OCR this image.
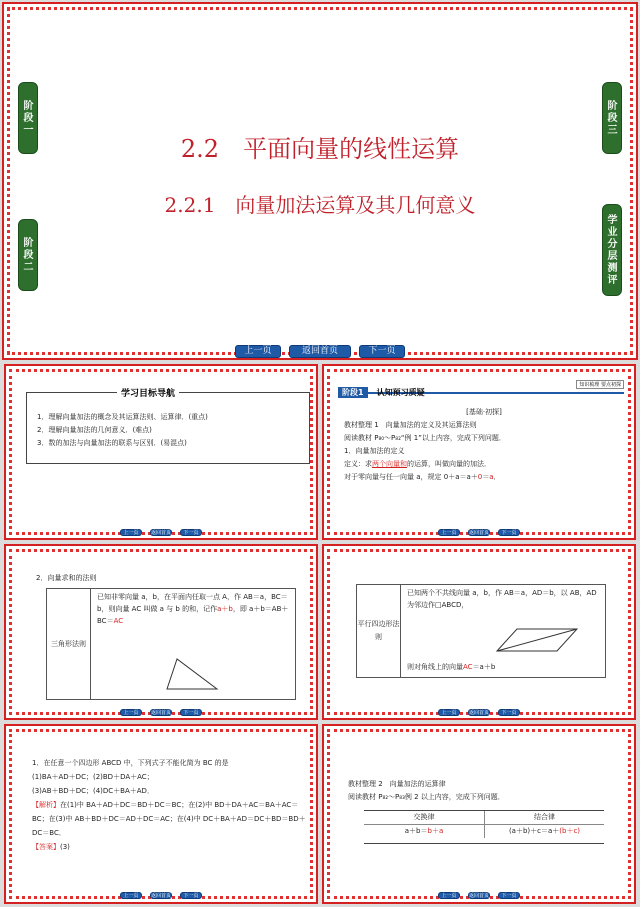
阶段一
阶段二
阶段三
学业分层测评
2.2　平面向量的线性运算
2.2.1　向量加法运算及其几何意义
上一页	返回首页	下一页
学习目标导航
1．理解向量加法的概念及其运算法则、运算律．(重点)
2．理解向量加法的几何意义．(难点)
3．数的加法与向量加法的联系与区别．(易混点)
上一页	返回首页	下一页
阶段1 认知预习质疑
知识梳理 要点初探
[基础·初探]
教材整理 1　向量加法的定义及其运算法则
阅读教材 P₈₀～P₈₂“例 1”以上内容，完成下列问题．
1．向量加法的定义
定义：求两个向量和的运算，叫做向量的加法．
对于零向量与任一向量 a，规定 0＋a＝a＋0＝a．
上一页	返回首页	下一页
2．向量求和的法则
三角形法则
已知非零向量 a，b，在平面内任取一点 A，作 AB＝a，BC＝b，则向量 AC 叫做 a 与 b 的和，记作a＋b，即 a＋b＝AB＋BC＝AC
上一页	返回首页	下一页
平行四边形法则
已知两个不共线向量 a，b，作 AB＝a，AD＝b，以 AB，AD 为邻边作□ABCD，
则对角线上的向量AC＝a＋b
上一页	返回首页	下一页
1．在任意一个四边形 ABCD 中，下列式子不能化简为 BC 的是
(1)BA＋AD＋DC；(2)BD＋DA＋AC；
(3)AB＋BD＋DC；(4)DC＋BA＋AD．
【解析】在(1)中 BA＋AD＋DC＝BD＋DC＝BC；在(2)中 BD＋DA＋AC＝BA＋AC＝BC；在(3)中 AB＋BD＋DC＝AD＋DC＝AC；在(4)中 DC＋BA＋AD＝DC＋BD＝BD＋DC＝BC．
【答案】(3)
上一页	返回首页	下一页
教材整理 2　向量加法的运算律
阅读教材 P₈₂～P₈₃例 2 以上内容，完成下列问题．
交换律	结合律
a＋b＝b＋a	(a＋b)＋c＝a＋(b＋c)
上一页	返回首页	下一页
